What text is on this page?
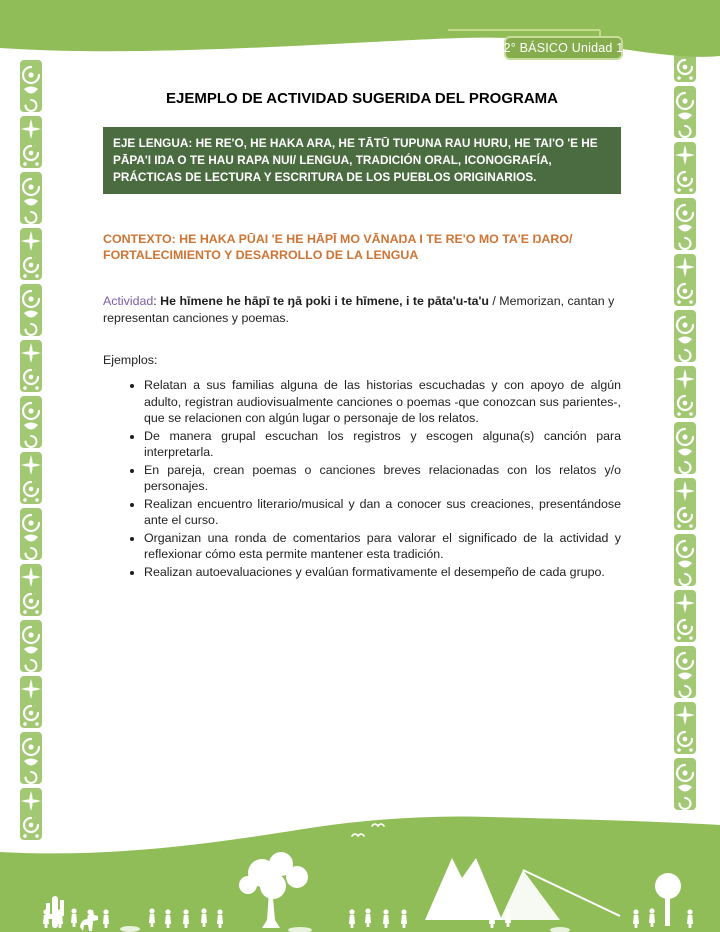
2° BÁSICO Unidad 1
EJEMPLO DE ACTIVIDAD SUGERIDA DEL PROGRAMA
EJE LENGUA: HE RE'O, HE HAKA ARA, HE TĀTŪ TUPUNA RAU HURU, HE TAI'O 'E HE PĀPA'I IŊA O TE HAU RAPA NUI/ LENGUA, TRADICIÓN ORAL, ICONOGRAFÍA, PRÁCTICAS DE LECTURA Y ESCRITURA DE LOS PUEBLOS ORIGINARIOS.
CONTEXTO: HE HAKA PŪAI 'E HE HĀPĪ MO VĀNAŊA I TE RE'O MO TA'E ŊARO/
FORTALECIMIENTO Y DESARROLLO DE LA LENGUA
Actividad: He hīmene he hāpī te ŋā poki i te hīmene, i te pāta'u-ta'u / Memorizan, cantan y representan canciones y poemas.
Ejemplos:
• Relatan a sus familias alguna de las historias escuchadas y con apoyo de algún adulto, registran audiovisualmente canciones o poemas -que conozcan sus parientes-, que se relacionen con algún lugar o personaje de los relatos.
• De manera grupal escuchan los registros y escogen alguna(s) canción para interpretarla.
• En pareja, crean poemas o canciones breves relacionadas con los relatos y/o personajes.
• Realizan encuentro literario/musical y dan a conocer sus creaciones, presentándose ante el curso.
• Organizan una ronda de comentarios para valorar el significado de la actividad y reflexionar cómo esta permite mantener esta tradición.
• Realizan autoevaluaciones y evalúan formativamente el desempeño de cada grupo.
